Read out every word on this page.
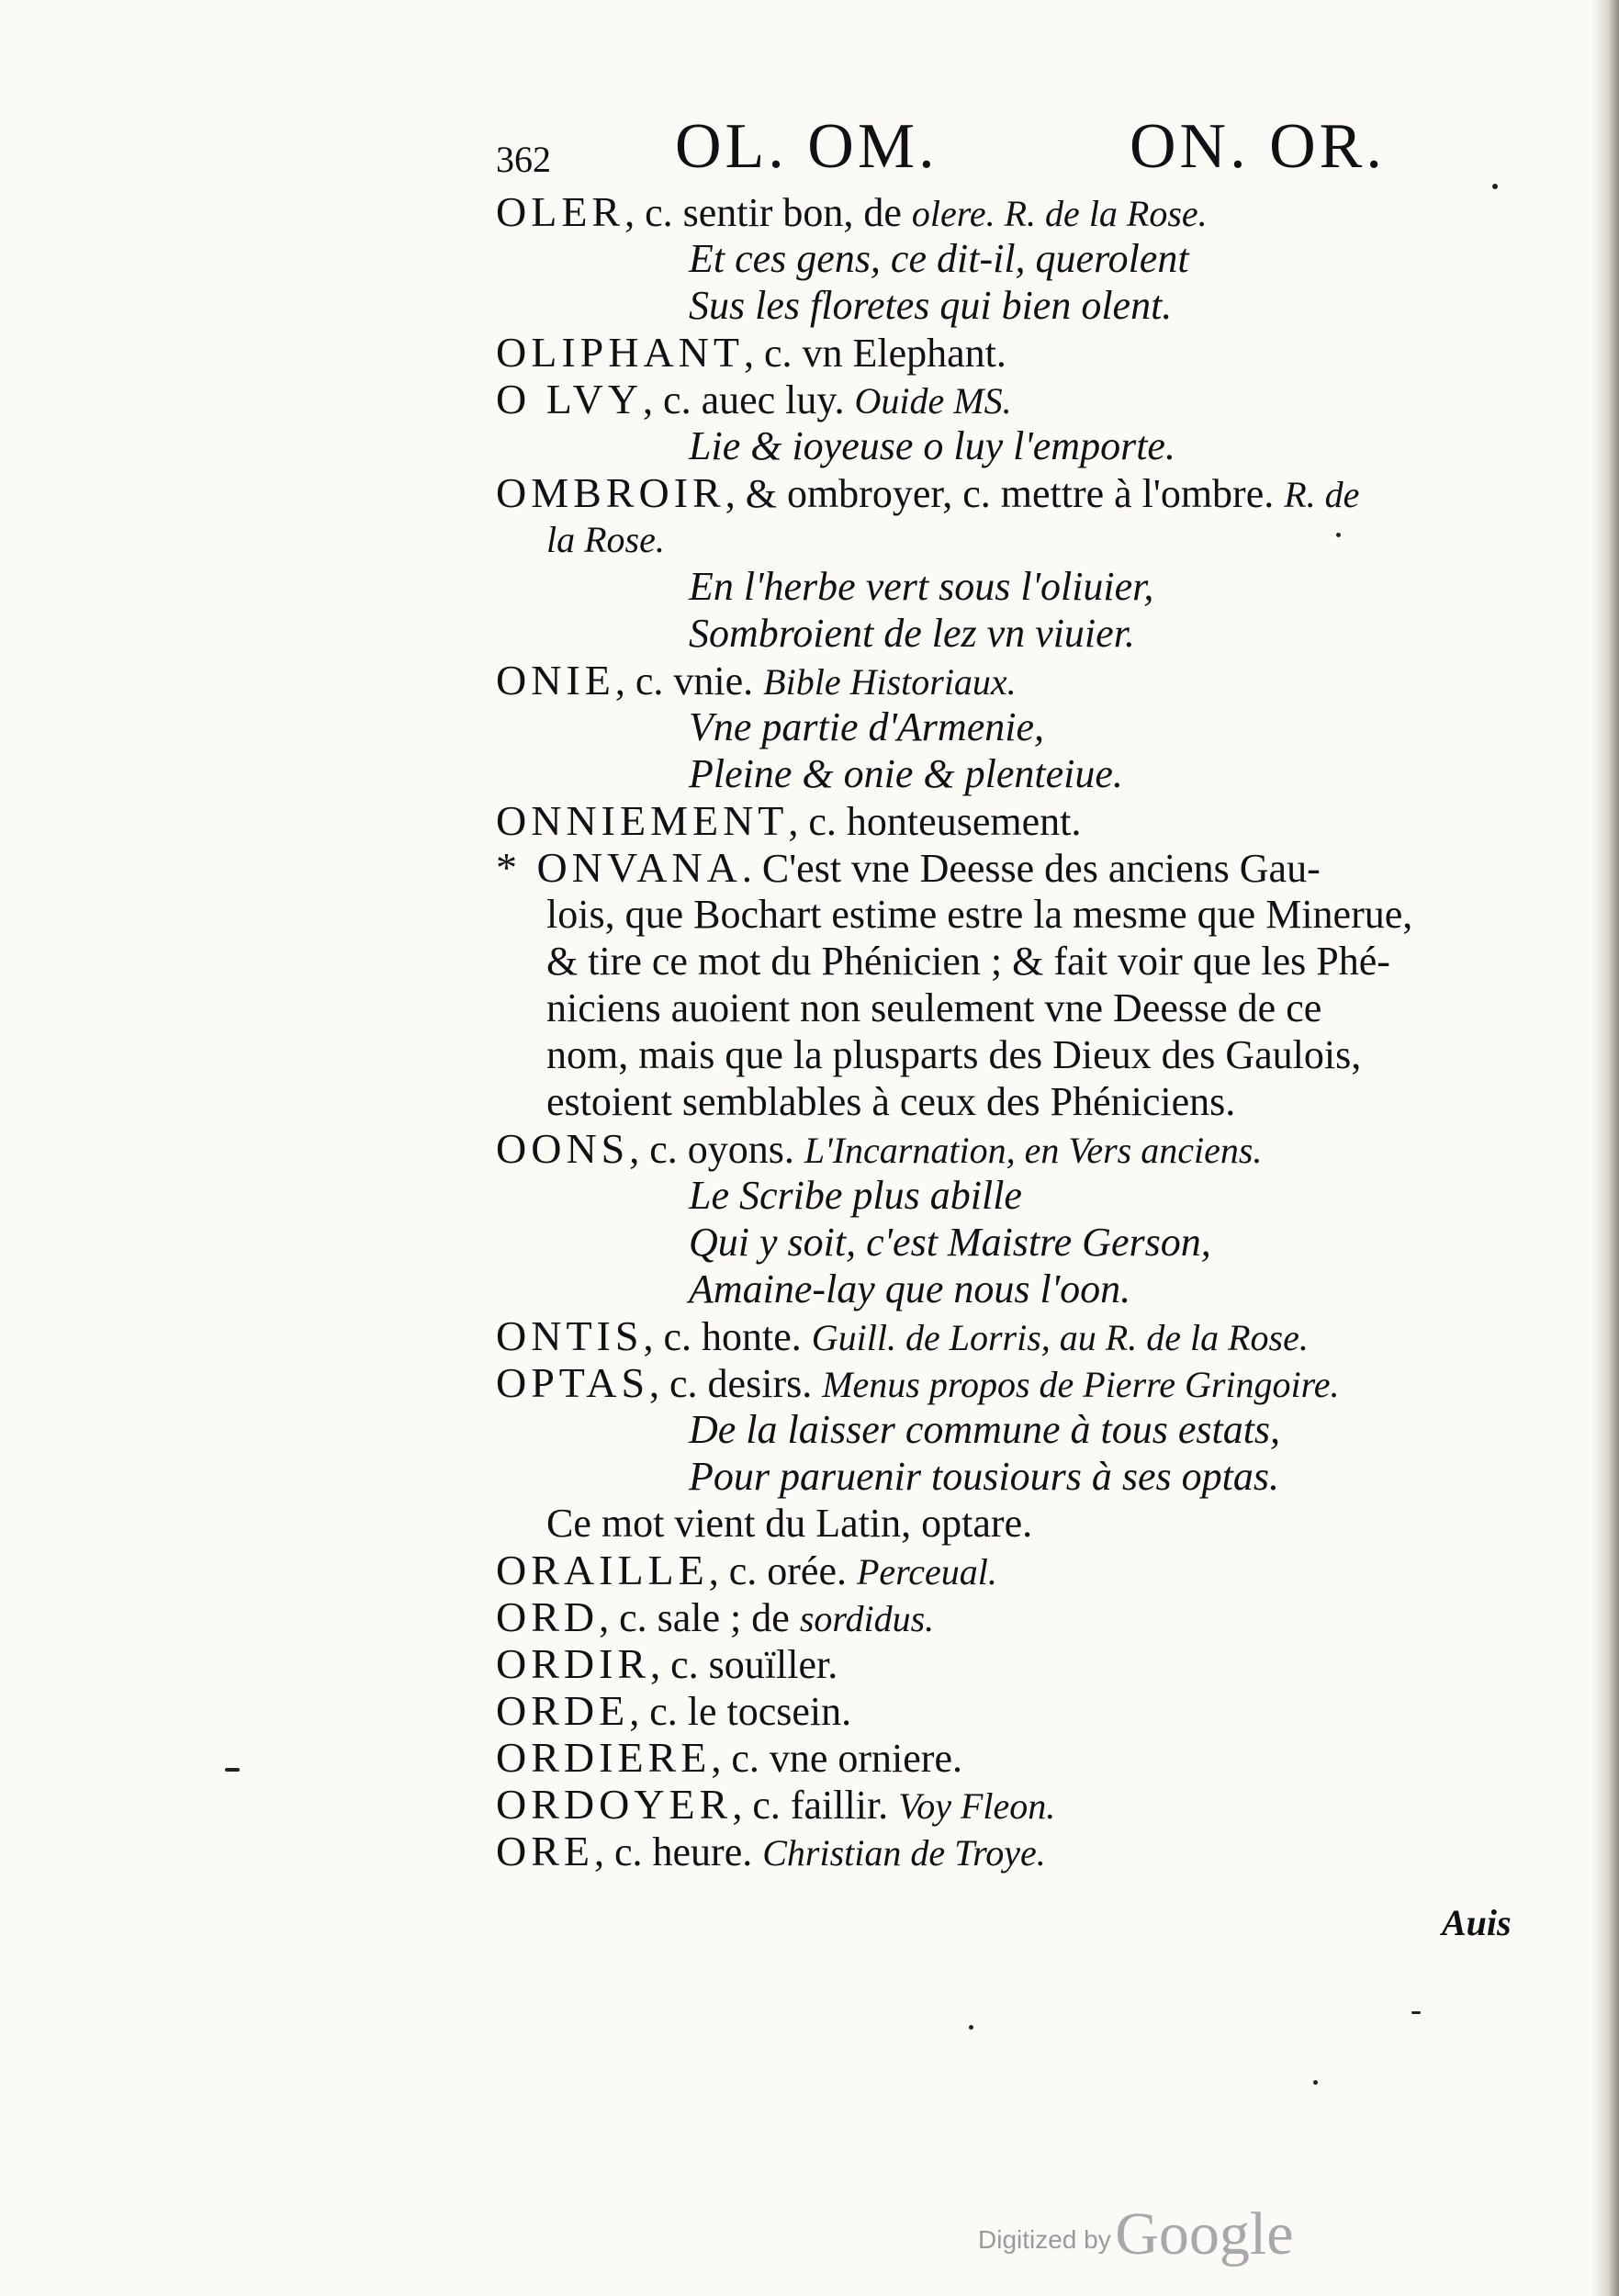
362 OL. OM.	ON. OR.
OLER, c. sentir bon, de olere. R. de la Rose.
Et ces gens, ce dit-il, querolent
Sus les floretes qui bien olent.
OLIPHANT, c. vn Elephant.
O LVY, c. auec luy. Ouide MS.
Lie & ioyeuse o luy l'emporte.
OMBROIR, & ombroyer, c. mettre à l'ombre. R. de
la Rose.
En l'herbe vert sous l'oliuier,
Sombroient de lez vn viuier.
ONIE, c. vnie. Bible Historiaux.
Vne partie d'Armenie,
Pleine & onie & plenteiue.
ONNIEMENT, c. honteusement.
* ONVANA. C'est vne Deesse des anciens Gau-
lois, que Bochart estime estre la mesme que Minerue,
& tire ce mot du Phénicien ; & fait voir que les Phé-
niciens auoient non seulement vne Deesse de ce
nom, mais que la plusparts des Dieux des Gaulois,
estoient semblables à ceux des Phéniciens.
OONS, c. oyons. L'Incarnation, en Vers anciens.
Le Scribe plus abille
Qui y soit, c'est Maistre Gerson,
Amaine-lay que nous l'oon.
ONTIS, c. honte. Guill. de Lorris, au R. de la Rose.
OPTAS, c. desirs. Menus propos de Pierre Gringoire.
De la laisser commune à tous estats,
Pour paruenir tousiours à ses optas.
Ce mot vient du Latin, optare.
ORAILLE, c. orée. Perceual.
ORD, c. sale ; de sordidus.
ORDIR, c. souïller.
ORDE, c. le tocsein.
ORDIERE, c. vne orniere.
ORDOYER, c. faillir. Voy Fleon.
ORE, c. heure. Christian de Troye.
Auis
Digitized by Google
